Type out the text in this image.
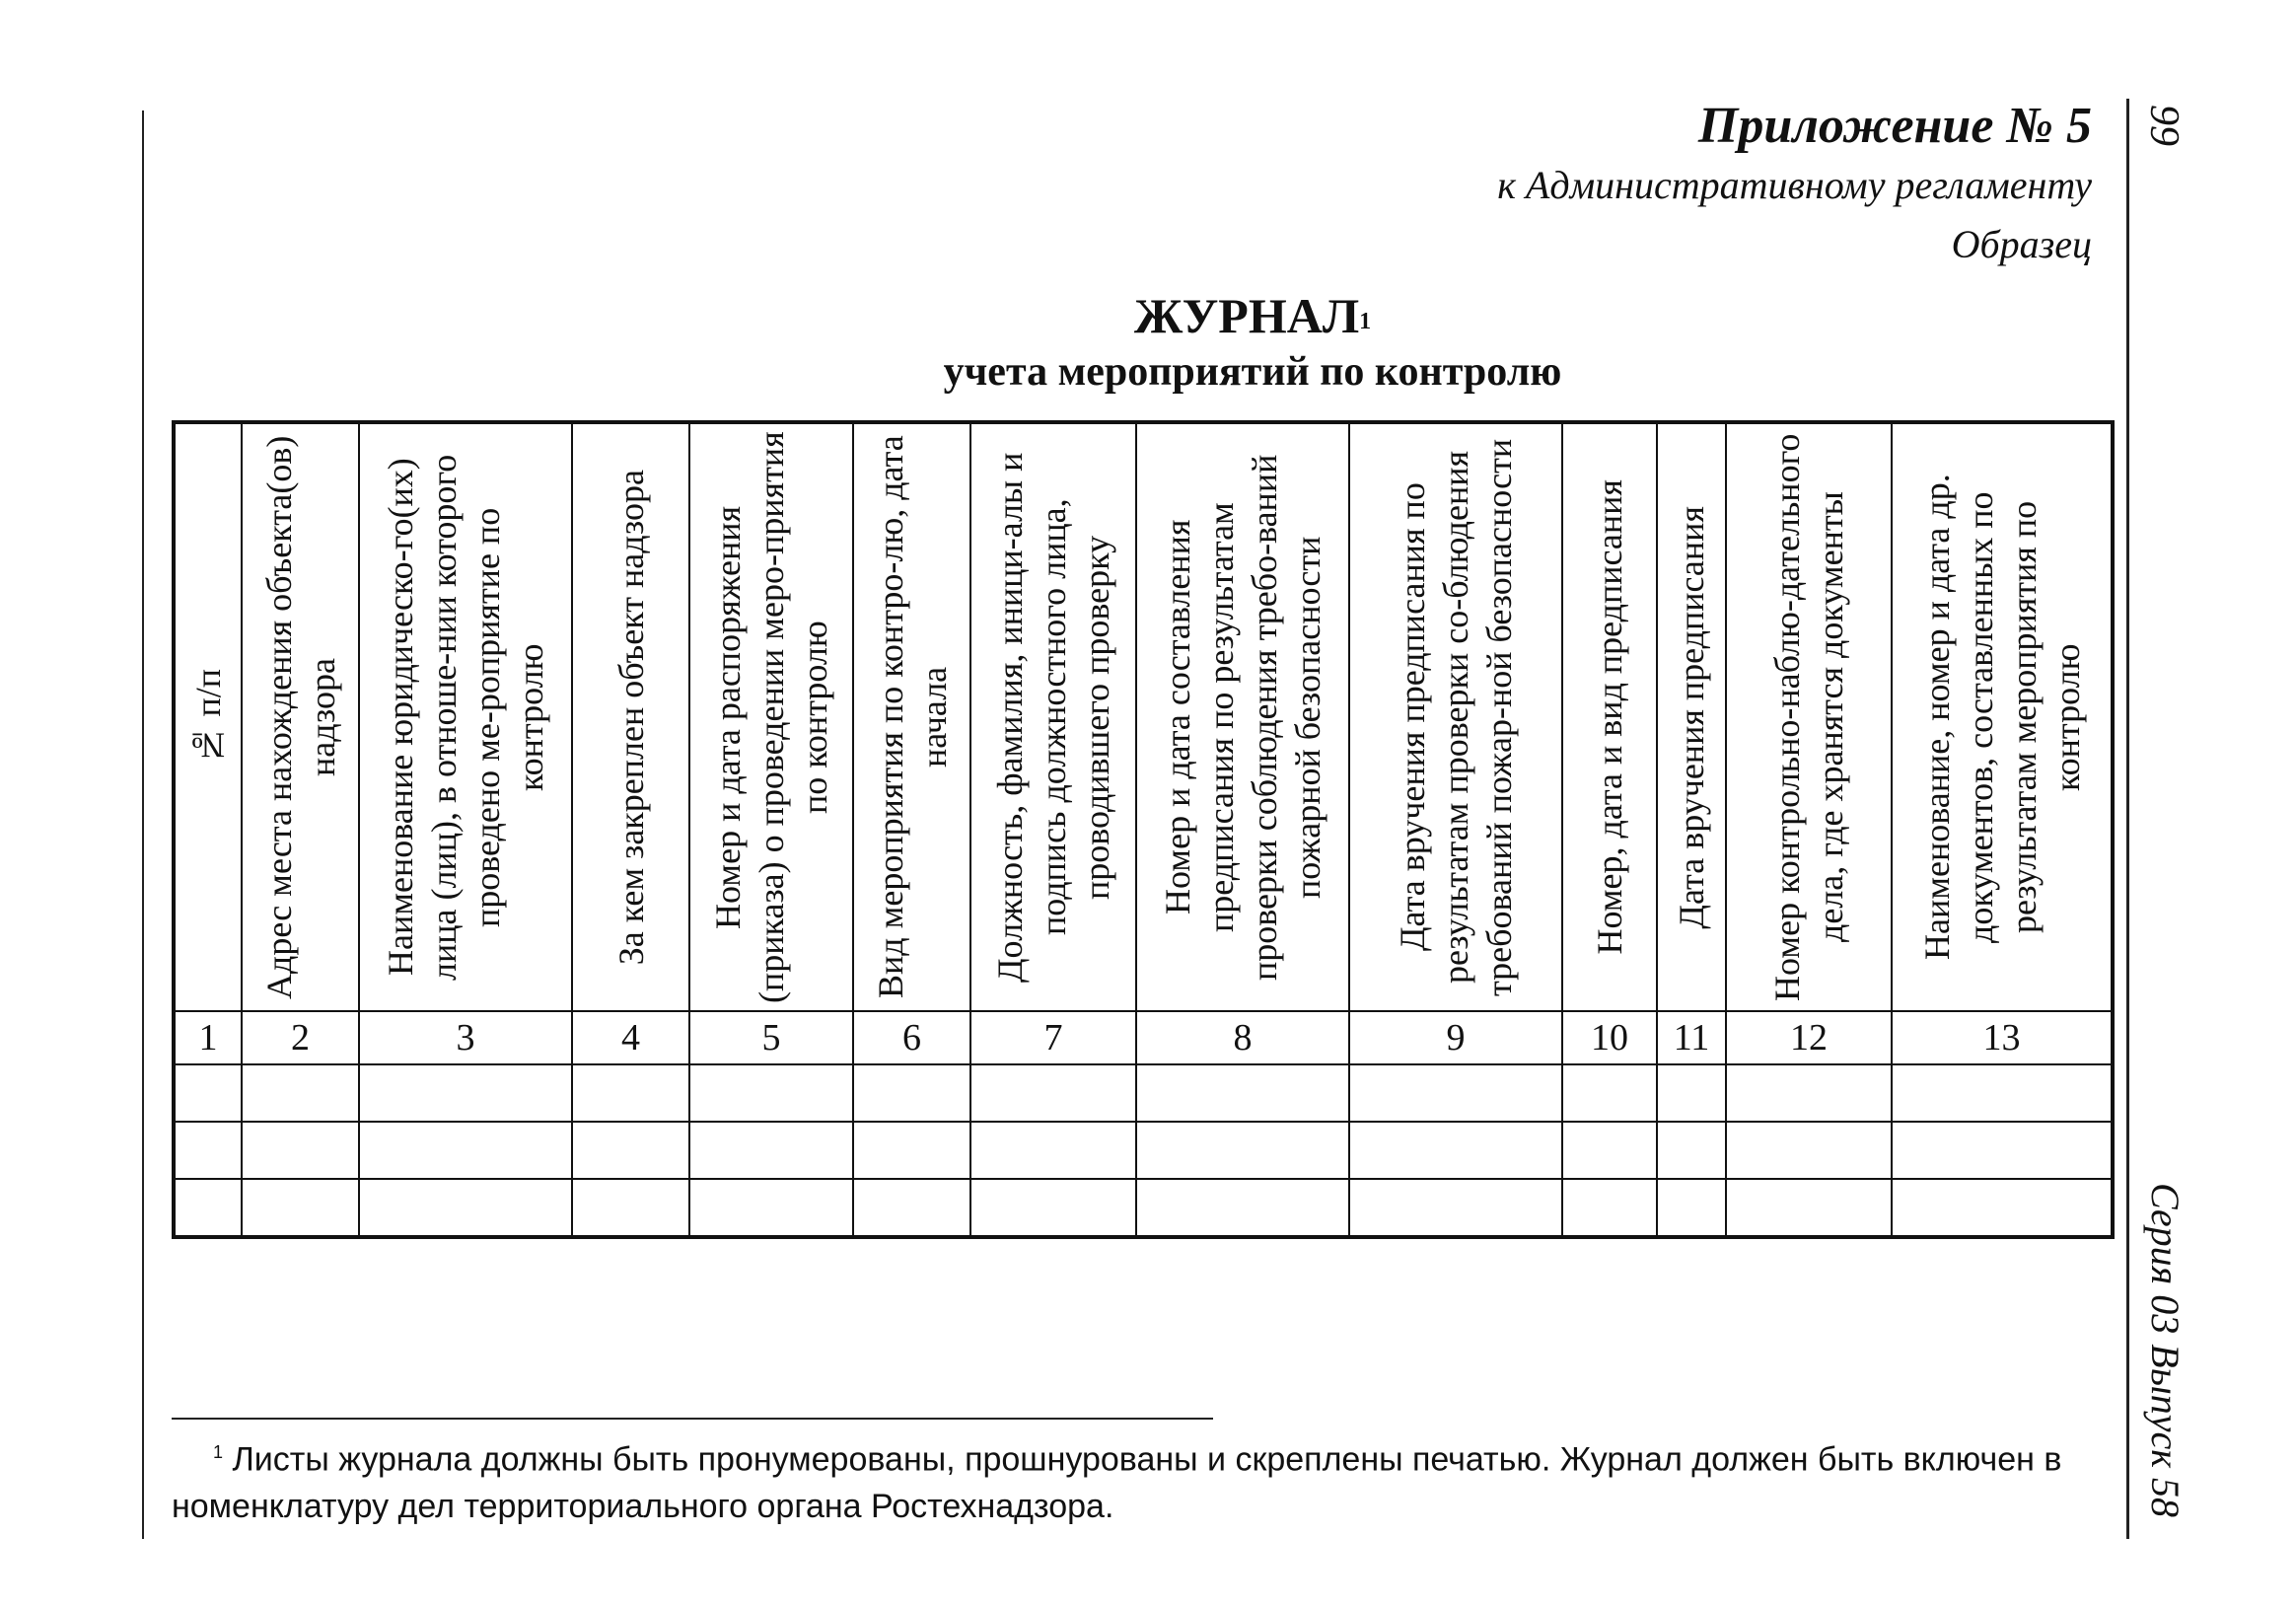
99
Серия 03 Выпуск 58
Приложение № 5
к Административному регламенту
Образец
ЖУРНАЛ$^1$
учета мероприятий по контролю
№ п/п	Адрес места нахождения объекта(ов) надзора	Наименование юридическо-го(их) лица (лиц), в отноше-нии которого проведено ме-роприятие по контролю	За кем закреплен объект надзора	Номер и дата распоряжения (приказа) о проведении меро-приятия по контролю	Вид мероприятия по контро-лю, дата начала	Должность, фамилия, иници-алы и подпись должностного лица, проводившего проверку	Номер и дата составления предписания по результатам проверки соблюдения требо-ваний пожарной безопасности	Дата вручения предписания по результатам проверки со-блюдения требований пожар-ной безопасности	Номер, дата и вид предписания	Дата вручения предписания	Номер контрольно-наблю-дательного дела, где хранятся документы	Наименование, номер и дата др. документов, составленных по результатам мероприятия по контролю

1	2	3	4	5	6	7	8	9	10	11	12	13

$^1$ Листы журнала должны быть пронумерованы, прошнурованы и скреплены печатью. Журнал должен быть включен в номенклатуру дел территориального органа Ростехнадзора.
